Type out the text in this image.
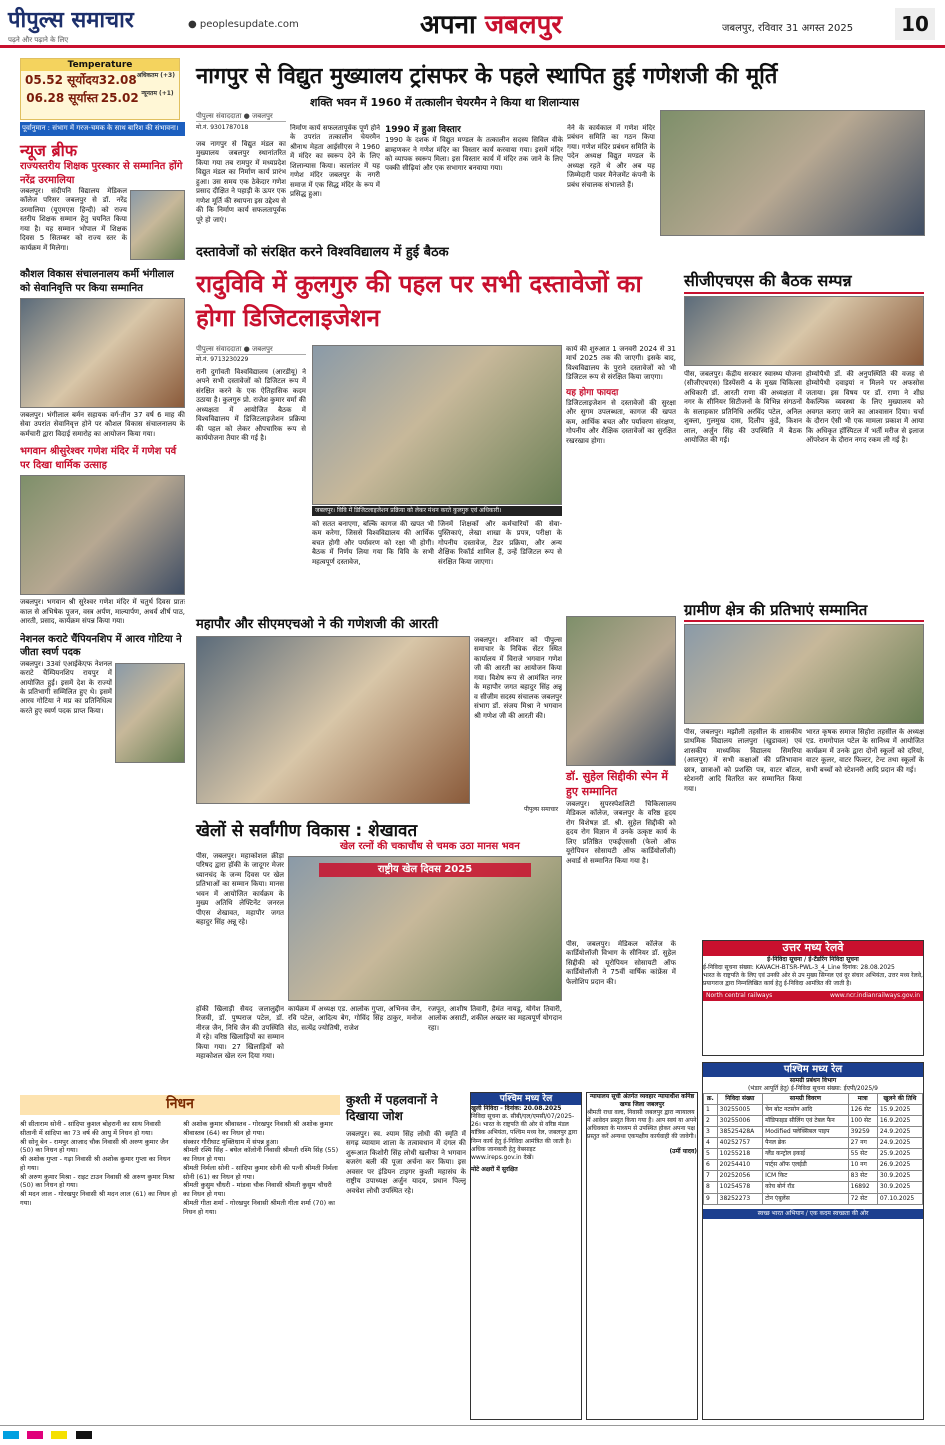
पीपुल्स समाचार
पढ़ने और पढ़ाने के लिए
● peoplesupdate.com	अपना जबलपुर	जबलपुर, रविवार 31 अगस्त 2025	10
Temperature
05.52 सूर्योदय 32.08 अधिकतम (+3)
06.28 सूर्यास्त 25.02 न्यूनतम (+1)
पूर्वानुमान : संभाग में गरज-चमक के साथ बारिश की संभावना।
न्यूज ब्रीफ
राज्यस्तरीय शिक्षक पुरस्कार से सम्मानित होंगे नरेंद्र उरमालिया

जबलपुर। संदीपनि विद्यालय मेडिकल कॉलेज परिसर जबलपुर से डॉ. नरेंद्र उरमालिया (यूएमएस हिन्दी) को राज्य स्तरीय शिक्षक सम्मान हेतु चयनित किया गया है। यह सम्मान भोपाल में शिक्षक दिवस 5 सितम्बर को राज्य स्तर के कार्यक्रम में मिलेगा।

कौशल विकास संचालनालय कर्मी भंगीलाल को सेवानिवृत्ति पर किया सम्मानित

जबलपुर। भंगीलाल बर्मन सहायक वर्ग-तीन 37 वर्ष 6 माह की सेवा उपरांत सेवानिवृत्त होने पर कौशल विकास संचालनालय के कर्मचारी द्वारा विदाई समारोह का आयोजन किया गया।

भगवान श्रीसुरेश्वर गणेश मंदिर में गणेश पर्व पर दिखा धार्मिक उत्साह

जबलपुर। भगवान श्री सुरेश्वर गणेश मंदिर में चतुर्थ दिवस प्रातः काल से अभिषेक पूजन, वस्त्र अर्पण, माल्यार्पण, अथर्व शीर्ष पाठ, आरती, प्रसाद, कार्यक्रम संपन्न किया गया।

नेशनल कराटे चैंपियनशिप में आरव गोटिया ने जीता स्वर्ण पदक

जबलपुर। 33वां एआईकेएफ नेशनल कराटे चैम्पियनशिप रायपुर में आयोजित हुई। इसमें देश के राज्यों के प्रतिभागी सम्मिलित हुए थे। इसमें आरव गोटिया ने मप्र का प्रतिनिधित्व करते हुए स्वर्ण पदक प्राप्त किया।

नागपुर से विद्युत मुख्यालय ट्रांसफर के पहले स्थापित हुई गणेशजी की मूर्ति
शक्ति भवन में 1960 में तत्कालीन चेयरमैन ने किया था शिलान्यास
पीपुल्स संवाददाता ● जबलपुर
मो.नं. 9301787018

जब नागपुर से विद्युत मंडल का मुख्यालय जबलपुर स्थानांतरित किया गया तब रामपुर में मध्यप्रदेश विद्युत मंडल का निर्माण कार्य प्रारंभ हुआ। उस समय एक ठेकेदार गणेश प्रसाद दीक्षित ने पहाड़ी के ऊपर एक गणेश मूर्ति की स्थापना इस उद्देश्य से की कि निर्माण कार्य सफलतापूर्वक पूरे हो जाएं।

निर्माण कार्य सफलतापूर्वक पूर्ण होने के उपरांत तत्कालीन चेयरमैन श्रीनाथ मेहता आईसीएस ने 1960 में मंदिर का स्वरूप देने के लिए शिलान्यास किया। कालांतर में यह गणेश मंदिर जबलपुर के नगरी समाज में एक सिद्ध मंदिर के रूप में प्रसिद्ध हुआ।

1990 में हुआ विस्तार

1990 के दशक में विद्युत मण्डल के तत्कालीन सदस्य सिविल वीके ब्राम्हणकर ने गणेश मंदिर का विस्तार कार्य करवाया गया। इसमें मंदिर को व्यापक स्वरूप मिला। इस विस्तार कार्य में मंदिर तक जाने के लिए पक्की सीढ़ियां और एक सभागार बनवाया गया।

नेने के कार्यकाल में गणेश मंदिर प्रबंधन समिति का गठन किया गया। गणेश मंदिर प्रबंधन समिति के पदेन अध्यक्ष विद्युत मण्डल के अध्यक्ष रहते थे और अब यह जिम्मेदारी पावर मैनेजमेंट कंपनी के प्रबंध संचालक संभालते हैं।

दस्तावेजों को संरक्षित करने विश्वविद्यालय में हुई बैठक
रादुविवि में कुलगुरु की पहल पर सभी दस्तावेजों का होगा डिजिटलाइजेशन
पीपुल्स संवाददाता ● जबलपुर
मो.नं. 9713230229

रानी दुर्गावती विश्वविद्यालय (आरडीयू) ने अपने सभी दस्तावेजों को डिजिटल रूप में संरक्षित करने के एक ऐतिहासिक कदम उठाया है। कुलगुरु प्रो. राजेश कुमार वर्मा की अध्यक्षता में आयोजित बैठक में विश्वविद्यालय में डिजिटलाइजेशन प्रक्रिया की पहल को लेकर औपचारिक रूप से कार्ययोजना तैयार की गई है।

जबलपुर। विवि में डिजिटलाइजेशन प्रक्रिया को लेकर मंथन करते कुलगुरु एवं अधिकारी।

को सतत बनाएगा, बल्कि कागज की खपत भी कम करेगा, जिससे विश्वविद्यालय की आर्थिक बचत होगी और पर्यावरण को रक्षा भी होगी। बैठक में निर्णय लिया गया कि विवि के सभी महत्वपूर्ण दस्तावेज,

जिनमें शिक्षकों और कर्मचारियों की सेवा-पुस्तिकाएं, लेखा शाखा के प्रपत्र, परीक्षा के गोपनीय दस्तावेज, टेंडर प्रक्रिया, और अन्य शैक्षिक रिकॉर्ड शामिल हैं, उन्हें डिजिटल रूप से संरक्षित किया जाएगा।

कार्य की शुरुआत 1 जनवरी 2024 से 31 मार्च 2025 तक की जाएगी। इसके बाद, विश्वविद्यालय के पुराने दस्तावेजों को भी डिजिटल रूप से संरक्षित किया जाएगा।

यह होगा फायदा

डिजिटलाइजेशन से दस्तावेजों की सुरक्षा और सुगम उपलब्धता, कागज की खपत कम, आर्थिक बचत और पर्यावरण संरक्षण, गोपनीय और शैक्षिक दस्तावेजों का सुरक्षित रखरखाव होगा।

सीजीएचएस की बैठक सम्पन्न

पीस, जबलपुर। केंद्रीय सरकार स्वास्थ्य योजना (सीजीएचएस) डिस्पेंसरी 4 के मुख्य चिकित्सा अधिकारी डॉ. आरती राणा की अध्यक्षता में नगर के सीनियर सिटीजनों के विभिन्न संगठनों के सलाहकार प्रतिनिधि अरविंद पटेल, अनिल शुक्ला, गुलमुख दास, दिलीप कुंडे, किशन लाल, अर्जुन सिंह की उपस्थिति में बैठक आयोजित की गई।

होम्योपैथी डॉ. की अनुपस्थिति की वजह से होम्योपैथी दवाइयां न मिलने पर अफसोस जताया। इस विषय पर डॉ. राणा ने शीघ्र वैकल्पिक व्यवस्था के लिए मुख्यालय को अवगत कराए जाने का आश्वासन दिया। चर्चा के दौरान ऐसी भी एक मामला प्रकाश में आया कि अधिकृत हॉस्पिटल में भर्ती मरीज से इलाज ऑपरेशन के दौरान नगद रकम ली गई है।

ग्रामीण क्षेत्र की प्रतिभाएं सम्मानित

पीस, जबलपुर। मझौली तहसील के शासकीय प्राथमिक विद्यालय लालपुरा (खुडावल) एवं शासकीय माध्यमिक विद्यालय सिमरिया (आलपुर) में सभी कक्षाओं की प्रतिभावान छात्र, छात्राओं को प्रशस्ति पत्र, वाटर बॉटल, स्टेशनरी आदि वितरित कर सम्मानित किया गया।

भारत कृषक समाज सिहोरा तहसील के अध्यक्ष एड. रामगोपाल पटेल के सानिध्य में आयोजित कार्यक्रम में उनके द्वारा दोनों स्कूलों को दरियां, वाटर कूलर, वाटर फिल्टर, टेन्ट तथा स्कूलों के सभी बच्चों को स्टेशनरी आदि प्रदान की गई।

महापौर और सीएमएचओ ने की गणेशजी की आरती

जबलपुर। शनिवार को पीपुल्स समाचार के निविक सेंटर स्थित कार्यालय में विराजे भगवान गणेश जी की आरती का आयोजन किया गया। विशेष रूप से आमंत्रित नगर के महापौर जगत बहादुर सिंह अन्नू व सीजीम सदस्य संचालक जबलपुर संभाग डॉ. संजय मिश्रा ने भगवान श्री गणेश जी की आरती की।

पीपुल्स समाचार
डॉ. सुहेल सिद्दीकी स्पेन में हुए सम्मानित

जबलपुर। सुपरस्पेशलिटी चिकित्सालय मेडिकल कॉलेज, जबलपुर के वरिष्ठ हृदय रोग विशेषज्ञ डॉ. श्री. सुहेल सिद्दीकी को हृदय रोग विज्ञान में उनके उत्कृष्ट कार्य के लिए प्रतिष्ठित एफईएससी (फेलो ऑफ यूरोपियन सोसायटी ऑफ कार्डियोलॉजी) अवार्ड से सम्मानित किया गया है।

खेलों से सर्वांगीण विकास : शेखावत
खेल रत्नों की चकाचौंध से चमक उठा मानस भवन

पीस, जबलपुर। महाकोशल क्रीड़ा परिषद द्वारा हॉकी के जादूगर मेजर ध्यानचंद के जन्म दिवस पर खेल प्रतिभाओं का सम्मान किया। मानस भवन में आयोजित कार्यक्रम के मुख्य अतिथि लेफ्टिनेंट जनरल पीएस शेखावत, महापौर जगत बहादुर सिंह अन्नू रहे।

राष्ट्रीय खेल दिवस 2025

हॉकी खिलाड़ी सैयद जलालुद्दीन रिजवी, डॉ. पुष्पराज पटेल, डॉ. नीरज जैन, निधि जैन की उपस्थिति में रहे। वरिष्ठ खिलाड़ियों का सम्मान किया गया। 27 खिलाड़ियों को महाकोशल खेल रत्न दिया गया।

कार्यक्रम में अध्यक्ष एड. आलोक गुप्ता, अभिनव जैन, रवि पटेल, आदित्य बेग, गोविंद सिंह ठाकुर, मनोज सेठ, सत्येंद्र ज्योतिषी, राजेश

रजपूत, आशीष तिवारी, हैमंत नायडू, योगेश तिवारी, आलोक असाटी, शकील अख्तर का महत्वपूर्ण योगदान रहा।

पीस, जबलपुर। मेडिकल कॉलेज के कार्डियोलॉजी विभाग के सीनियर डॉ. सुहेल सिद्दीकी को यूरोपियन सोसायटी ऑफ कार्डियोलॉजी ने 75वीं वार्षिक कांफ्रेंस में फेलोशिप प्रदान की।

निधन

श्री सीताराम सोनी - सांदिपा कुशल बोहरानी का साथ निवासी सीतानी में सांदिपा का 73 वर्ष की आयु में निधन हो गया।

श्री सोनू बेन - रामपुर आजाद चौक निवासी श्री अरुण कुमार जैन (50) का निधन हो गया।

श्री अशोक गुप्ता - गढ़ा निवासी श्री अशोक कुमार गुप्ता का निधन हो गया।

श्री अरुण कुमार मिश्रा - राइट टाउन निवासी श्री अरुण कुमार मिश्रा (50) का निधन हो गया।

श्री मदन लाल - गोरखपुर निवासी श्री मदन लाल (61) का निधन हो गया।

श्री अशोक कुमार श्रीवास्तव - गोरखपुर निवासी श्री अशोक कुमार श्रीवास्तव (64) का निधन हो गया।

संस्कार गौरीघाट मुक्तिधाम में संपन्न हुआ।

श्रीमती रश्मि सिंह - बघेल कॉलोनी निवासी श्रीमती रश्मि सिंह (55) का निधन हो गया।

श्रीमती निर्मला सोनी - सांदिपा कुमार सोनी की पत्नी श्रीमती निर्मला सोनी (61) का निधन हो गया।

श्रीमती कुसुम चौधरी - मांडवा चौक निवासी श्रीमती कुसुम चौधरी का निधन हो गया।

श्रीमती गीता शर्मा - गोरखपुर निवासी श्रीमती गीता शर्मा (70) का निधन हो गया।

कुश्ती में पहलवानों ने दिखाया जोश

जबलपुर। स्व. श्याम सिंह लोधी की स्मृति में सगढ़ व्यायाम शाला के तत्वावधान में दंगल की शुरूआत किशोरी सिंह लोधी खलीफा ने भगवान बजरंग बली की पूजा अर्चना कर किया। इस अवसर पर इंडियन टाइगर कुश्ती महासंघ के राष्ट्रीय उपाध्यक्ष अर्जुन यादव, प्रधान पिल्लू अवधेश लोधी उपस्थित रहे।

पश्चिम मध्य रेल
खुली निविदा - दिनांक: 20.08.2025

निविदा सूचना क्र. सीबी/एल/एमसी/07/2025-26। भारत के राष्ट्रपति की ओर से वरिष्ठ मंडल यांत्रिक अभियंता, पश्चिम मध्य रेल, जबलपुर द्वारा निम्न कार्य हेतु ई-निविदा आमंत्रित की जाती है। अधिक जानकारी हेतु वेबसाइट www.ireps.gov.in देखें।

मोटे अक्षरों में सुरक्षित
न्यायालय सूची अंतर्गत व्यवहार न्यायाधीश कनिष्ठ खण्ड जिला जबलपुर

श्रीमती राधा वल्द, निवासी जबलपुर द्वारा न्यायालय में आवेदन प्रस्तुत किया गया है। आप स्वयं या अपने अधिवक्ता के माध्यम से उपस्थित होकर अपना पक्ष प्रस्तुत करें अन्यथा एकपक्षीय कार्यवाही की जावेगी।

(उर्मी यादव)
उत्तर मध्य रेलवे
ई-निविदा सूचना / ई-टेंडरिंग निविदा सूचना
ई-निविदा सूचना संख्या: KAVACH-BTSR-PWL-3_4_Line दिनांक: 28.08.2025

भारत के राष्ट्रपति के लिए एवं उनकी ओर से उप मुख्य सिग्नल एवं दूर संचार अभियंता, उत्तर मध्य रेलवे, प्रयागराज द्वारा निम्नलिखित कार्य हेतु ई-निविदा आमंत्रित की जाती है।

North central railways	www.ncr.indianrailways.gov.in
पश्चिम मध्य रेल
सामग्री प्रबंधन विभाग
(भंडार आपूर्ति हेतु) ई-निविदा सूचना संख्या: ईएपी/2025/9
क्र.	निविदा संख्या	सामग्री विवरण	मात्रा	खुलने की तिथि
1	30255005	चेन बोट नटसोन आदि	126 सेट	15.9.2025
2	30255006	मॉडिफाइड सीलिंग एवं टेबल फैन	100 सेट	16.9.2025
3	38525428A	Modified फ्लेक्सिबल पाइप	39259	24.9.2025
4	40252757	पैनल ब्रेक	27 नग	24.9.2025
5	10255218	ग्लैंड कन्ट्रोल इकाई	55 सेट	25.9.2025
6	20254410	पार्ट्स ऑफ एलईडी	10 नग	26.9.2025
7	20252056	ICM किट	83 सेट	30.9.2025
8	10254578	कोच बोर्न रॉड	16892	30.9.2025
9	38252273	टोन एंबुलेंस	72 सेट	07.10.2025
स्वच्छ भारत अभियान / एक कदम स्वच्छता की ओर
